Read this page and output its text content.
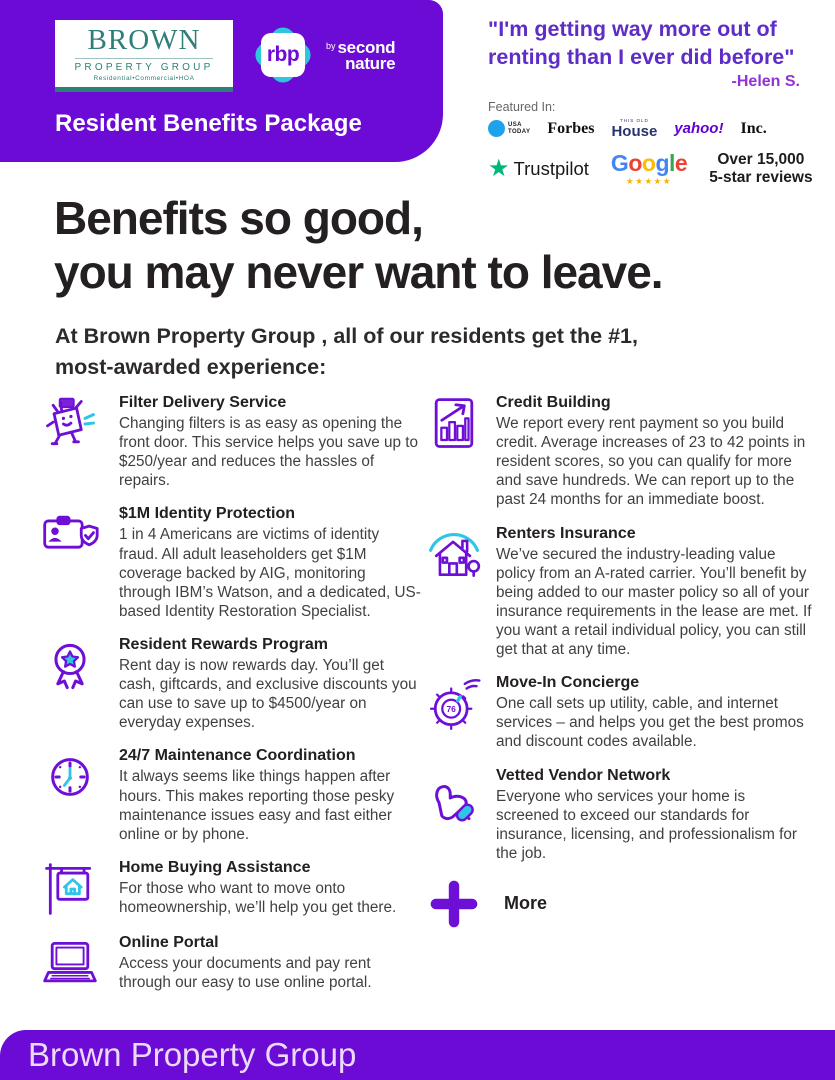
BROWN
PROPERTY GROUP
Residential•Commercial•HOA
rbp	by second
nature
Resident Benefits Package
"I'm getting way more out of
renting than I ever did before"
-Helen S.
Featured In:
USA
TODAY Forbes	THIS OLD
House yahoo! Inc.
★ Trustpilot Google
★★★★★
Over 15,000
5-star reviews
Benefits so good,
you may never want to leave.
At Brown Property Group , all of our residents get the #1,
most-awarded experience:
Filter Delivery Service
Changing filters is as easy as opening the front door. This service helps you save up to $250/year and reduces the hassles of repairs.
$1M Identity Protection
1 in 4 Americans are victims of identity fraud. All adult leaseholders get $1M coverage backed by AIG, monitoring through IBM’s Watson, and a dedicated, US-based Identity Restoration Specialist.
Resident Rewards Program
Rent day is now rewards day. You’ll get cash, giftcards, and exclusive discounts you can use to save up to $4500/year on everyday expenses.
24/7 Maintenance Coordination
It always seems like things happen after hours. This makes reporting those pesky maintenance issues easy and fast either online or by phone.
Home Buying Assistance
For those who want to move onto homeownership, we’ll help you get there.
Online Portal
Access your documents and pay rent through our easy to use online portal.
Credit Building
We report every rent payment so you build credit. Average increases of 23 to 42 points in resident scores, so you can qualify for more and save hundreds. We can report up to the past 24 months for an immediate boost.
Renters Insurance
We’ve secured the industry-leading value policy from an A-rated carrier. You’ll benefit by being added to our master policy so all of your insurance requirements in the lease are met. If you want a retail individual policy, you can still get that at any time.
76
Move-In Concierge
One call sets up utility, cable, and internet services – and helps you get the best promos and discount codes available.
Vetted Vendor Network
Everyone who services your home is screened to exceed our standards for insurance, licensing, and professionalism for the job.
More
Brown Property Group
